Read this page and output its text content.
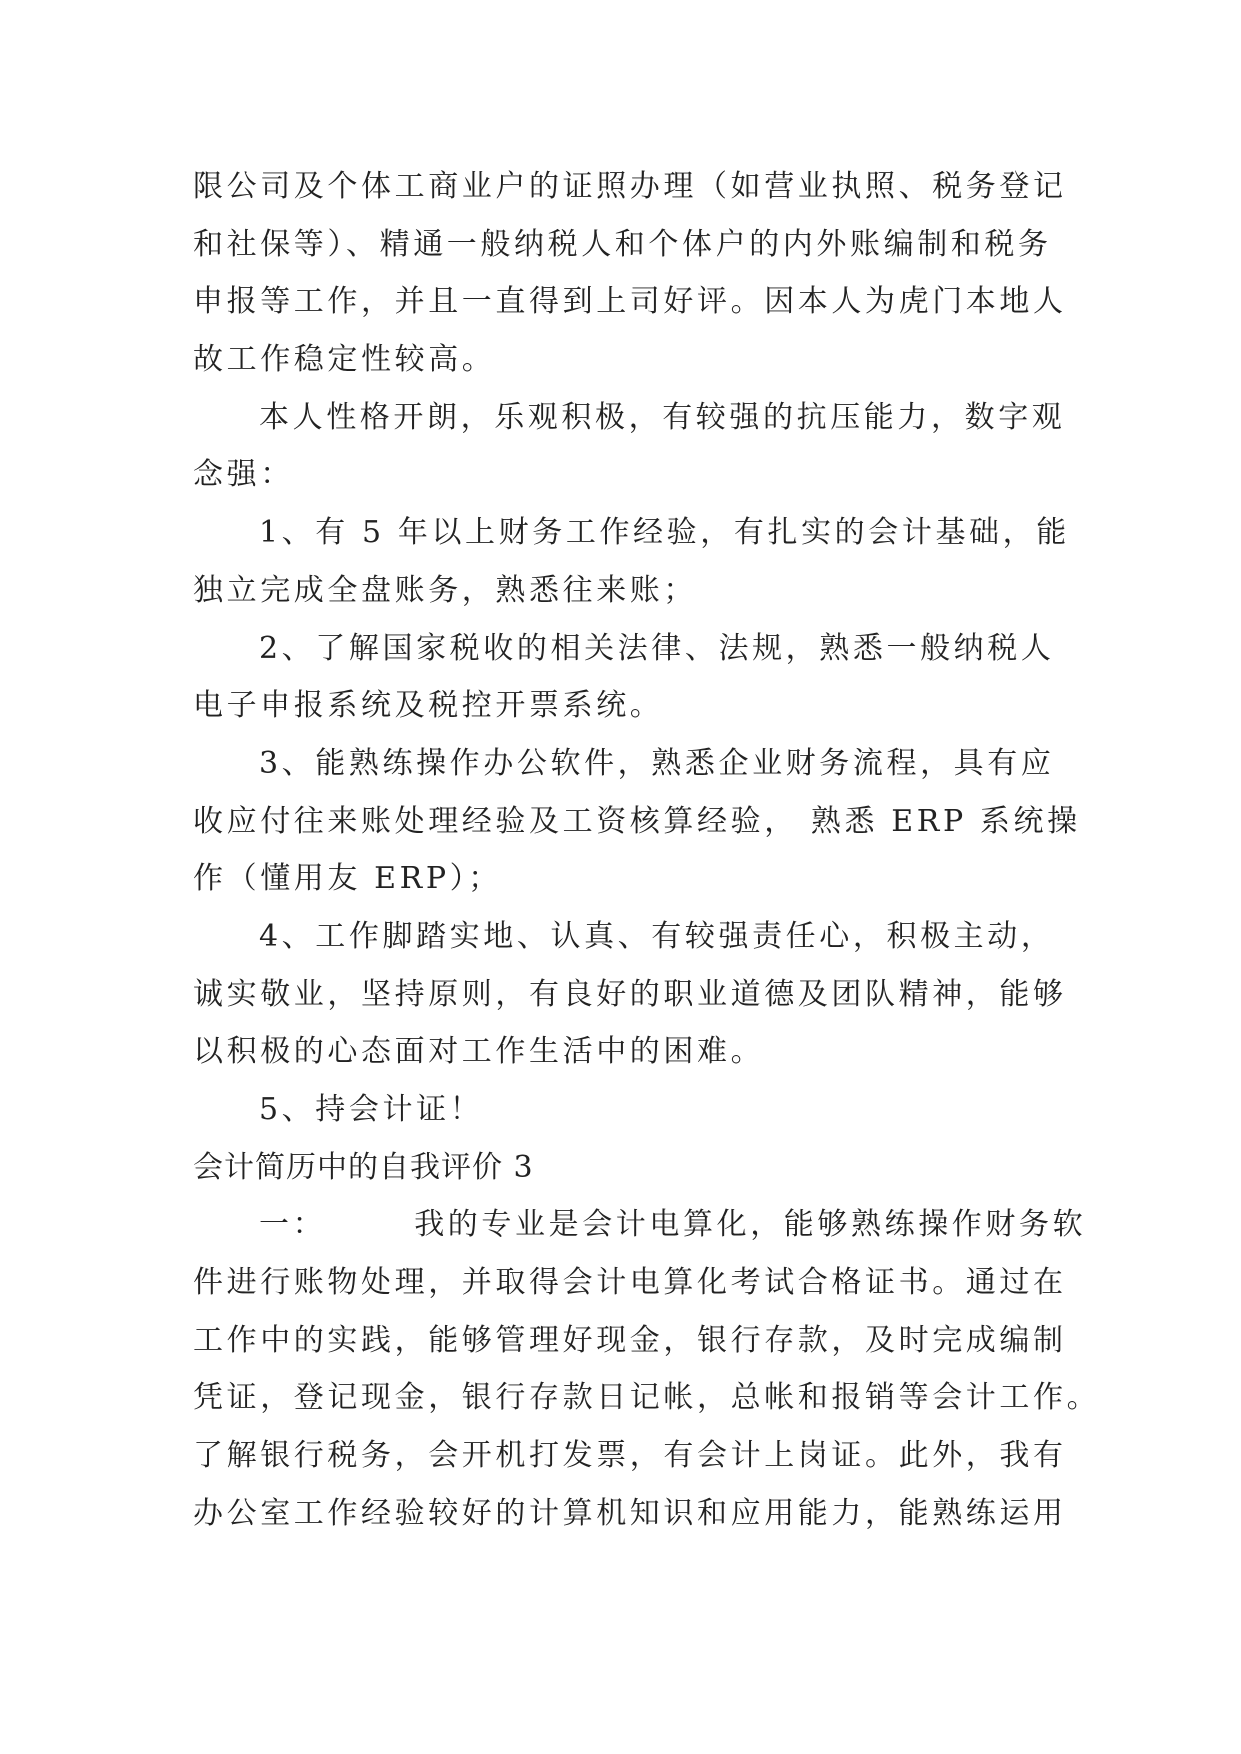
限公司及个体工商业户的证照办理（如营业执照、税务登记
和社保等）、精通一般纳税人和个体户的内外账编制和税务
申报等工作，并且一直得到上司好评。因本人为虎门本地人
故工作稳定性较高。
本人性格开朗，乐观积极，有较强的抗压能力，数字观
念强：
1、有 5 年以上财务工作经验，有扎实的会计基础，能
独立完成全盘账务，熟悉往来账；
2、了解国家税收的相关法律、法规，熟悉一般纳税人
电子申报系统及税控开票系统。
3、能熟练操作办公软件，熟悉企业财务流程，具有应
收应付往来账处理经验及工资核算经验， 熟悉 ERP 系统操
作（懂用友 ERP）；
4、工作脚踏实地、认真、有较强责任心，积极主动，
诚实敬业，坚持原则，有良好的职业道德及团队精神，能够
以积极的心态面对工作生活中的困难。
5、持会计证！
会计简历中的自我评价 3
一：	我的专业是会计电算化，能够熟练操作财务软
件进行账物处理，并取得会计电算化考试合格证书。通过在
工作中的实践，能够管理好现金，银行存款，及时完成编制
凭证，登记现金，银行存款日记帐，总帐和报销等会计工作。
了解银行税务，会开机打发票，有会计上岗证。此外，我有
办公室工作经验较好的计算机知识和应用能力，能熟练运用
